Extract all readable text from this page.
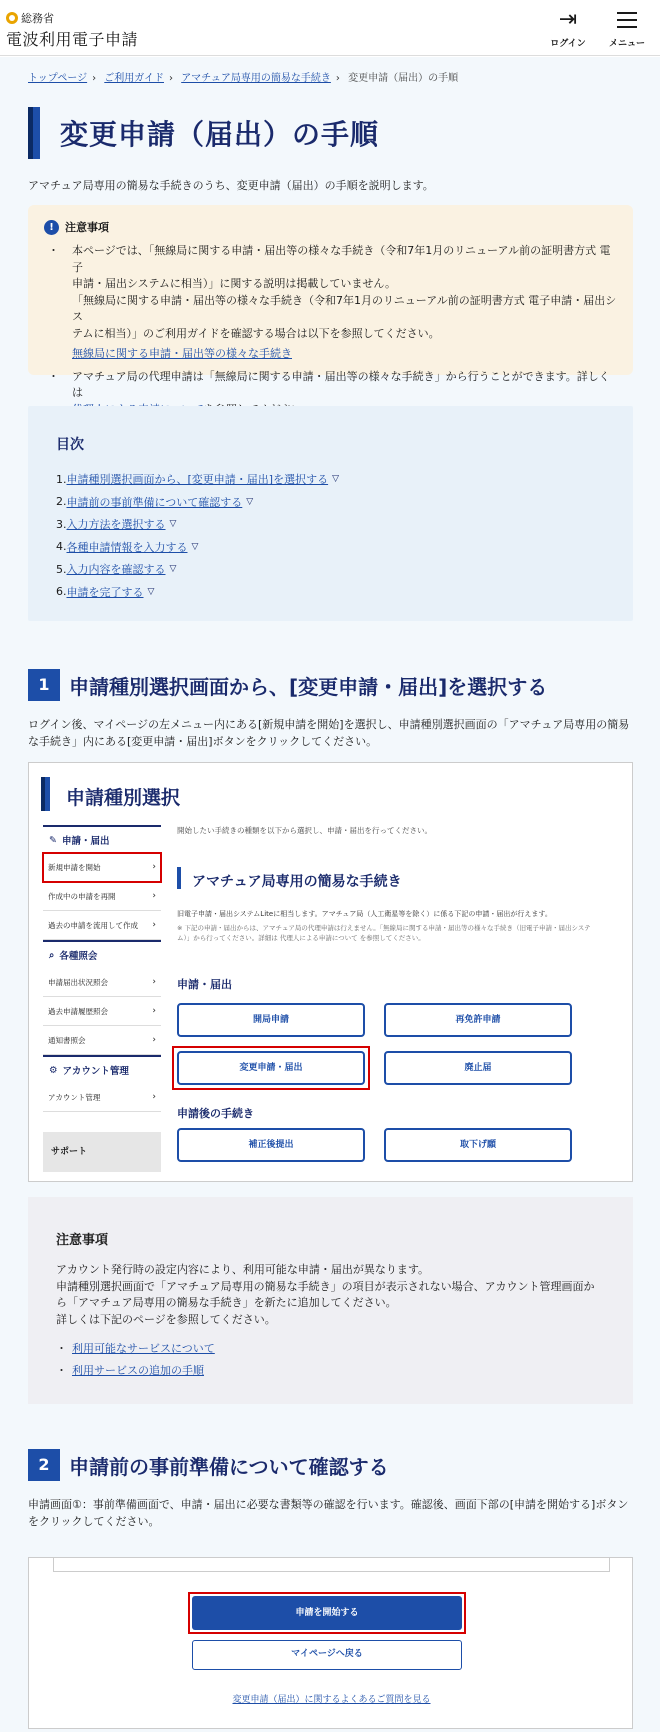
総務省
電波利用電子申請
⇥
ログイン	メニュー
トップページ › ご利用ガイド › アマチュア局専用の簡易な手続き › 変更申請（届出）の手順
変更申請（届出）の手順
アマチュア局専用の簡易な手続きのうち、変更申請（届出）の手順を説明します。
!	注意事項
・ 本ページでは、「無線局に関する申請・届出等の様々な手続き（令和7年1月のリニューアル前の証明書方式 電子
申請・届出システムに相当）」に関する説明は掲載していません。
「無線局に関する申請・届出等の様々な手続き（令和7年1月のリニューアル前の証明書方式 電子申請・届出シス
テムに相当）」のご利用ガイドを確認する場合は以下を参照してください。
無線局に関する申請・届出等の様々な手続き
・ アマチュア局の代理申請は「無線局に関する申請・届出等の様々な手続き」から行うことができます。詳しくは

目次
1. 申請種別選択画面から、[変更申請・届出]を選択する ▽
2. 申請前の事前準備について確認する ▽
3. 入力方法を選択する ▽
4. 各種申請情報を入力する ▽
5. 入力内容を確認する ▽
6. 申請を完了する ▽
1 申請種別選択画面から、[変更申請・届出]を選択する
ログイン後、マイページの左メニュー内にある[新規申請を開始]を選択し、申請種別選択画面の「アマチュア局専用の簡易な手続き」内にある[変更申請・届出]ボタンをクリックしてください。
申請種別選択
✎ 申請・届出
新規申請を開始	›
作成中の申請を再開	›
過去の申請を流用して作成 ›
⌕ 各種照会
申請届出状況照会	›
過去申請履歴照会	›
通知書照会	›
⚙ アカウント管理
アカウント管理	›
サポート
開始したい手続きの種類を以下から選択し、申請・届出を行ってください。
アマチュア局専用の簡易な手続き
旧電子申請・届出システムLiteに相当します。アマチュア局（人工衛星等を除く）に係る下記の申請・届出が行えます。
※ 下記の申請・届出からは、アマチュア局の代理申請は行えません。「無線局に関する申請・届出等の様々な手続き（旧電子申請・届出システム）」から行ってください。詳細は 代理人による申請について を参照してください。
申請・届出
開局申請	再免許申請
変更申請・届出	廃止届
申請後の手続き
補正後提出	取下げ願
注意事項

アカウント発行時の設定内容により、利用可能な申請・届出が異なります。

申請種別選択画面で「アマチュア局専用の簡易な手続き」の項目が表示されない場合、アカウント管理画面から「アマチュア局専用の簡易な手続き」を新たに追加してください。

詳しくは下記のページを参照してください。

・ 利用可能なサービスについて
・ 利用サービスの追加の手順
2 申請前の事前準備について確認する
申請画面①：事前準備画面で、申請・届出に必要な書類等の確認を行います。確認後、画面下部の[申請を開始する]ボタンをクリックしてください。
申請を開始する
マイページへ戻る
変更申請（届出）に関するよくあるご質問を見る
